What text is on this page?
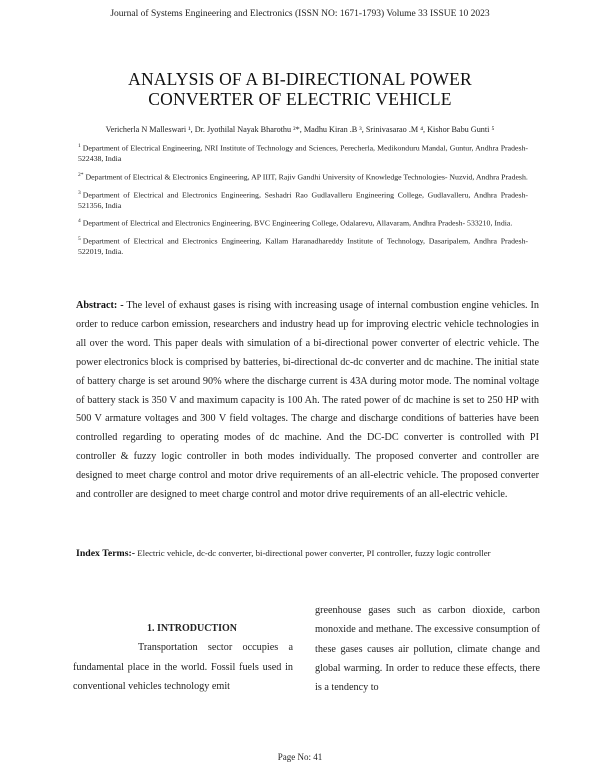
Journal of Systems Engineering and Electronics (ISSN NO: 1671-1793) Volume 33 ISSUE 10 2023
ANALYSIS OF A BI-DIRECTIONAL POWER
CONVERTER OF ELECTRIC VEHICLE
Vericherla N Malleswari ¹, Dr. Jyothilal Nayak Bharothu ²*, Madhu Kiran .B ³, Srinivasarao .M ⁴, Kishor Babu Gunti ⁵
$^1$ Department of Electrical Engineering, NRI Institute of Technology and Sciences, Perecherla, Medikonduru Mandal, Guntur, Andhra Pradesh- 522438, India
$^{2*}$ Department of Electrical & Electronics Engineering, AP IIIT, Rajiv Gandhi University of Knowledge Technologies- Nuzvid, Andhra Pradesh.
$^3$ Department of Electrical and Electronics Engineering, Seshadri Rao Gudlavalleru Engineering College, Gudlavalleru, Andhra Pradesh- 521356, India
$^4$ Department of Electrical and Electronics Engineering, BVC Engineering College, Odalarevu, Allavaram, Andhra Pradesh- 533210, India.
$^5$ Department of Electrical and Electronics Engineering, Kallam Haranadhareddy Institute of Technology, Dasaripalem, Andhra Pradesh-522019, India.
Abstract: - The level of exhaust gases is rising with increasing usage of internal combustion engine vehicles. In order to reduce carbon emission, researchers and industry head up for improving electric vehicle technologies in all over the word. This paper deals with simulation of a bi-directional power converter of electric vehicle. The power electronics block is comprised by batteries, bi-directional dc-dc converter and dc machine. The initial state of battery charge is set around 90% where the discharge current is 43A during motor mode. The nominal voltage of battery stack is 350 V and maximum capacity is 100 Ah. The rated power of dc machine is set to 250 HP with 500 V armature voltages and 300 V field voltages. The charge and discharge conditions of batteries have been controlled regarding to operating modes of dc machine. And the DC-DC converter is controlled with PI controller & fuzzy logic controller in both modes individually. The proposed converter and controller are designed to meet charge control and motor drive requirements of an all-electric vehicle. The proposed converter and controller are designed to meet charge control and motor drive requirements of an all-electric vehicle.
Index Terms:- Electric vehicle, dc-dc converter, bi-directional power converter, PI controller, fuzzy logic controller
1. INTRODUCTION

Transportation sector occupies a fundamental place in the world. Fossil fuels used in conventional vehicles technology emit

greenhouse gases such as carbon dioxide, carbon monoxide and methane. The excessive consumption of these gases causes air pollution, climate change and global warming. In order to reduce these effects, there is a tendency to

Page No: 41
